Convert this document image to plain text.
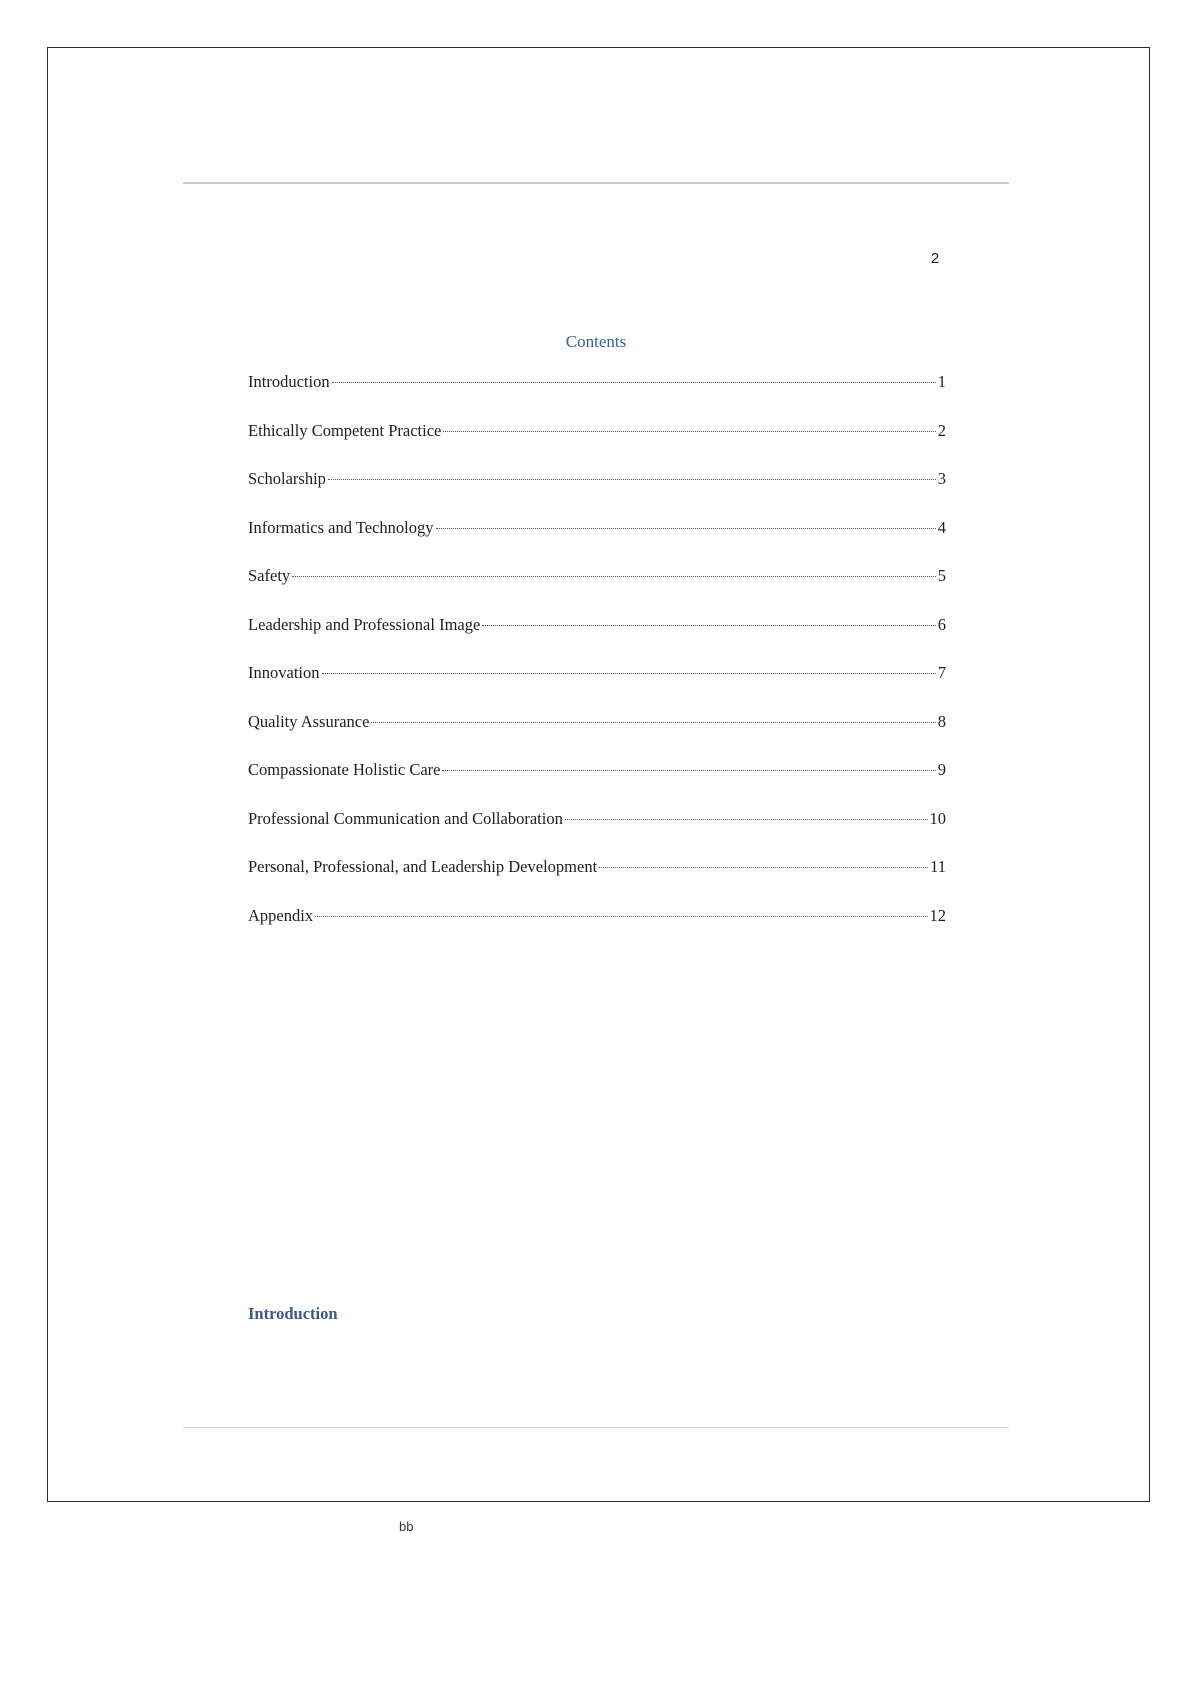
2
Contents
Introduction	1
Ethically Competent Practice	2
Scholarship	3
Informatics and Technology	4
Safety	5
Leadership and Professional Image	6
Innovation	7
Quality Assurance	8
Compassionate Holistic Care	9
Professional Communication and Collaboration	10
Personal, Professional, and Leadership Development	11
Appendix	12
Introduction
bb
